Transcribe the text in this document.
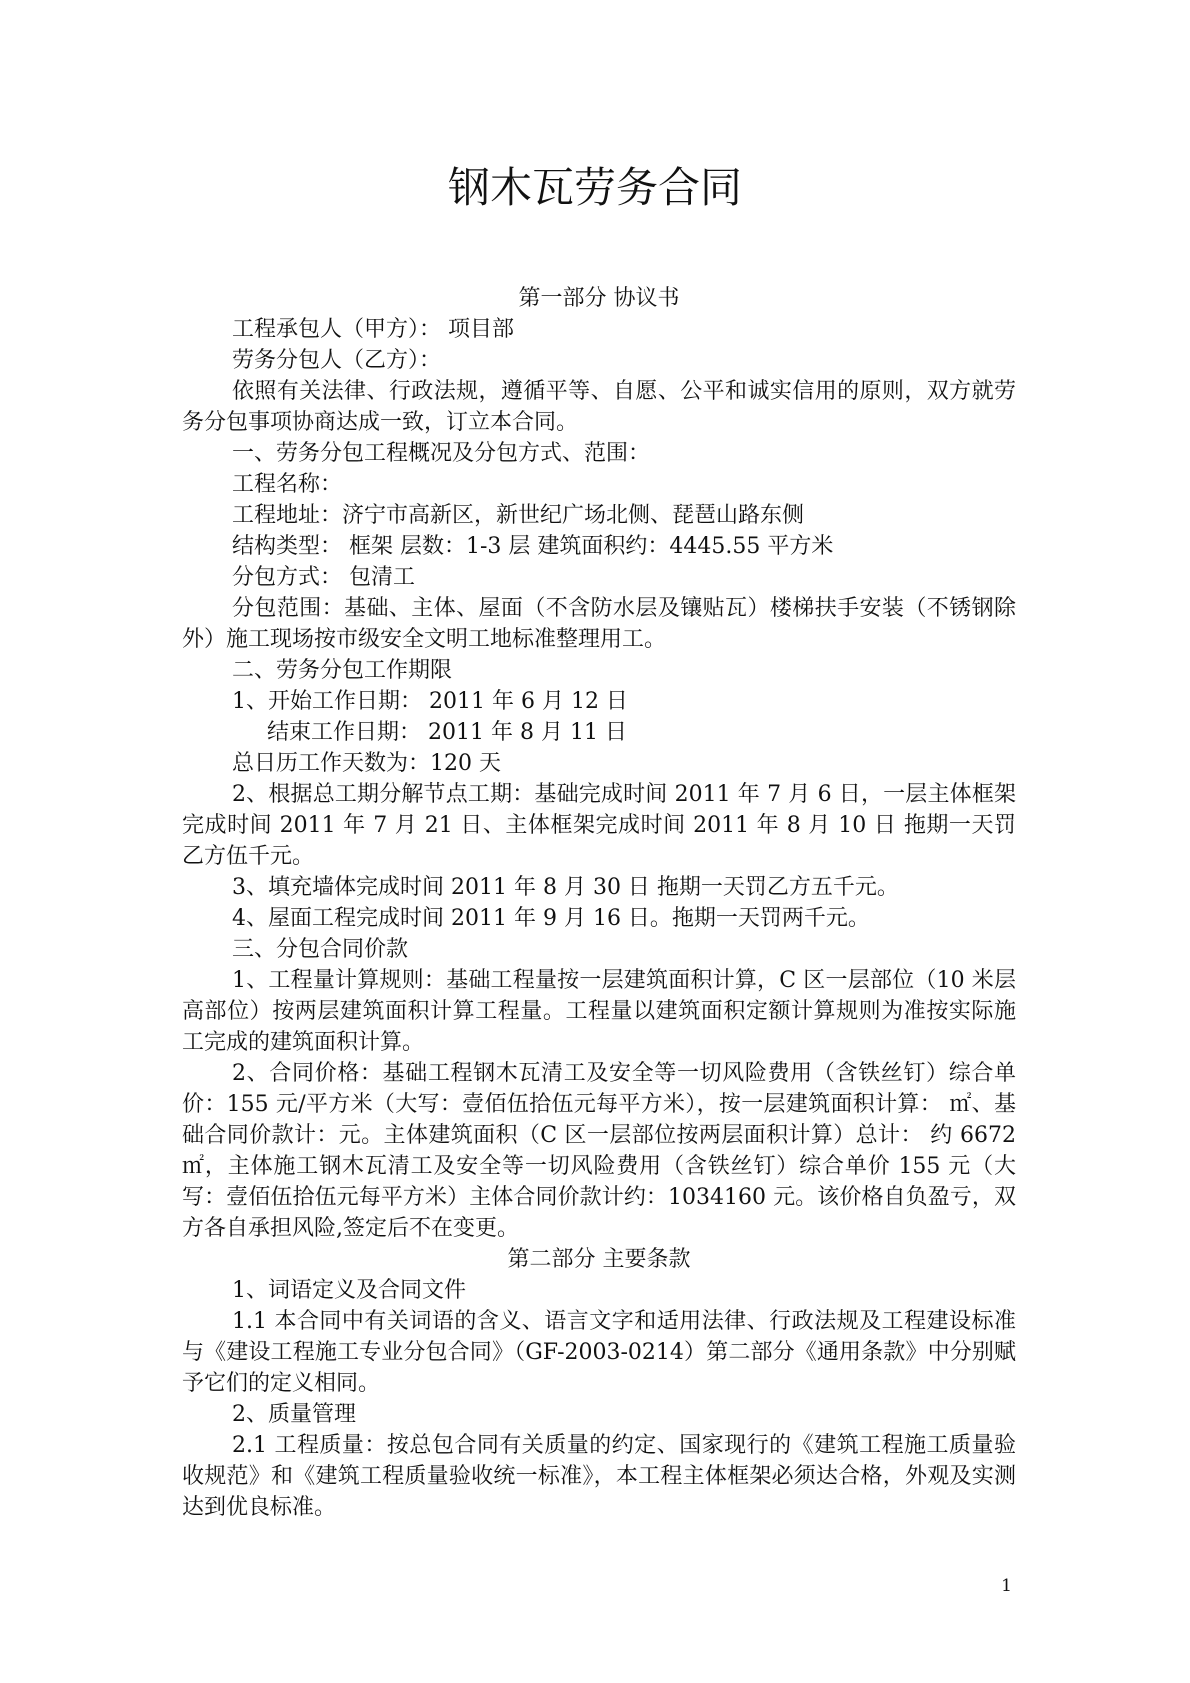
钢木瓦劳务合同

第一部分 协议书

工程承包人（甲方）： 项目部

劳务分包人（乙方）：

依照有关法律、行政法规，遵循平等、自愿、公平和诚实信用的原则，双方就劳务分包事项协商达成一致，订立本合同。

一、劳务分包工程概况及分包方式、范围：

工程名称：

工程地址：济宁市高新区，新世纪广场北侧、琵琶山路东侧

结构类型： 框架 层数：1-3 层 建筑面积约：4445.55 平方米

分包方式： 包清工

分包范围：基础、主体、屋面（不含防水层及镶贴瓦）楼梯扶手安装（不锈钢除外）施工现场按市级安全文明工地标准整理用工。

二、劳务分包工作期限

1、开始工作日期： 2011 年 6 月 12 日

结束工作日期： 2011 年 8 月 11 日

总日历工作天数为：120 天

2、根据总工期分解节点工期：基础完成时间 2011 年 7 月 6 日，一层主体框架完成时间 2011 年 7 月 21 日、主体框架完成时间 2011 年 8 月 10 日 拖期一天罚乙方伍千元。

3、填充墙体完成时间 2011 年 8 月 30 日 拖期一天罚乙方五千元。

4、屋面工程完成时间 2011 年 9 月 16 日。拖期一天罚两千元。

三、分包合同价款

1、工程量计算规则：基础工程量按一层建筑面积计算，C 区一层部位（10 米层高部位）按两层建筑面积计算工程量。工程量以建筑面积定额计算规则为准按实际施工完成的建筑面积计算。

2、合同价格：基础工程钢木瓦清工及安全等一切风险费用（含铁丝钉）综合单价：155 元/平方米（大写：壹佰伍拾伍元每平方米），按一层建筑面积计算： ㎡、基础合同价款计：元。主体建筑面积（C 区一层部位按两层面积计算）总计： 约 6672 ㎡，主体施工钢木瓦清工及安全等一切风险费用（含铁丝钉）综合单价 155 元（大写：壹佰伍拾伍元每平方米）主体合同价款计约：1034160 元。该价格自负盈亏，双方各自承担风险,签定后不在变更。

第二部分 主要条款

1、词语定义及合同文件

1.1 本合同中有关词语的含义、语言文字和适用法律、行政法规及工程建设标准与《建设工程施工专业分包合同》（GF-2003-0214）第二部分《通用条款》中分别赋予它们的定义相同。

2、质量管理

2.1 工程质量：按总包合同有关质量的约定、国家现行的《建筑工程施工质量验收规范》和《建筑工程质量验收统一标准》，本工程主体框架必须达合格，外观及实测达到优良标准。

1
